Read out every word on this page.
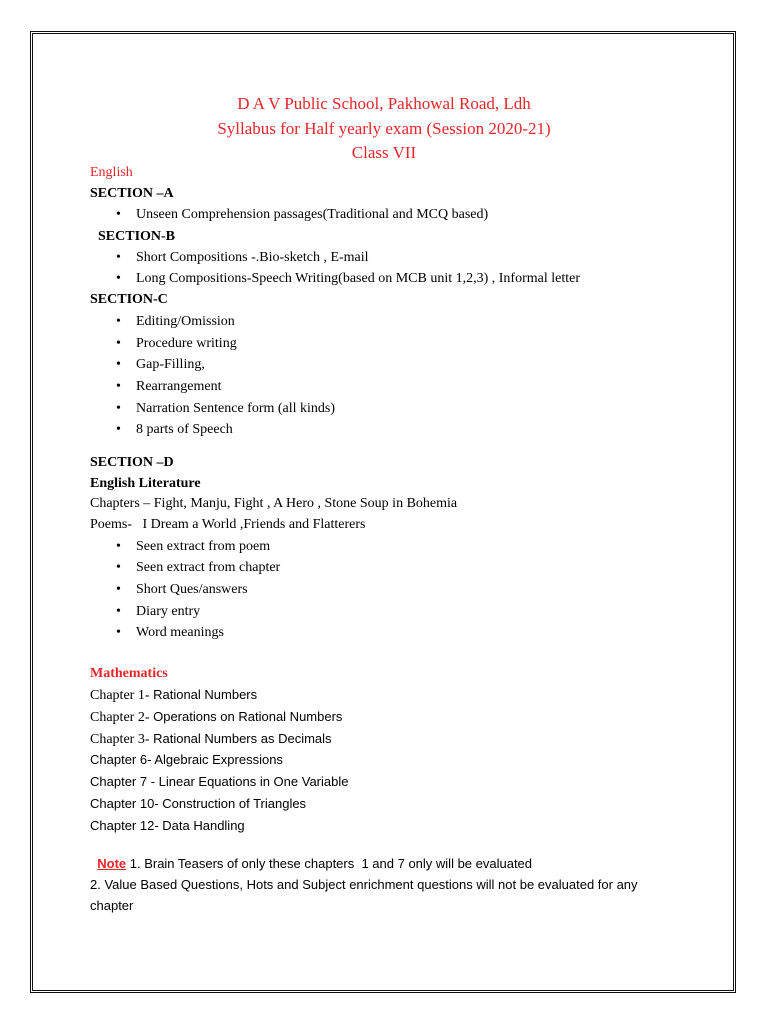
D A V Public School, Pakhowal Road, Ldh
Syllabus for Half yearly exam (Session 2020-21)
Class VII
English
SECTION –A
• Unseen Comprehension passages(Traditional and MCQ based)
SECTION-B
• Short Compositions -.Bio-sketch , E-mail
• Long Compositions-Speech Writing(based on MCB unit 1,2,3) , Informal letter
SECTION-C
• Editing/Omission
• Procedure writing
• Gap-Filling,
• Rearrangement
• Narration Sentence form (all kinds)
• 8 parts of Speech
SECTION –D
English Literature
Chapters – Fight, Manju, Fight , A Hero , Stone Soup in Bohemia
Poems-   I Dream a World ,Friends and Flatterers
• Seen extract from poem
• Seen extract from chapter
• Short Ques/answers
• Diary entry
• Word meanings
Mathematics
Chapter 1- Rational Numbers
Chapter 2- Operations on Rational Numbers
Chapter 3- Rational Numbers as Decimals
Chapter 6- Algebraic Expressions
Chapter 7 - Linear Equations in One Variable
Chapter 10- Construction of Triangles
Chapter 12- Data Handling

Note 1. Brain Teasers of only these chapters  1 and 7 only will be evaluated

2. Value Based Questions, Hots and Subject enrichment questions will not be evaluated for any
chapter
